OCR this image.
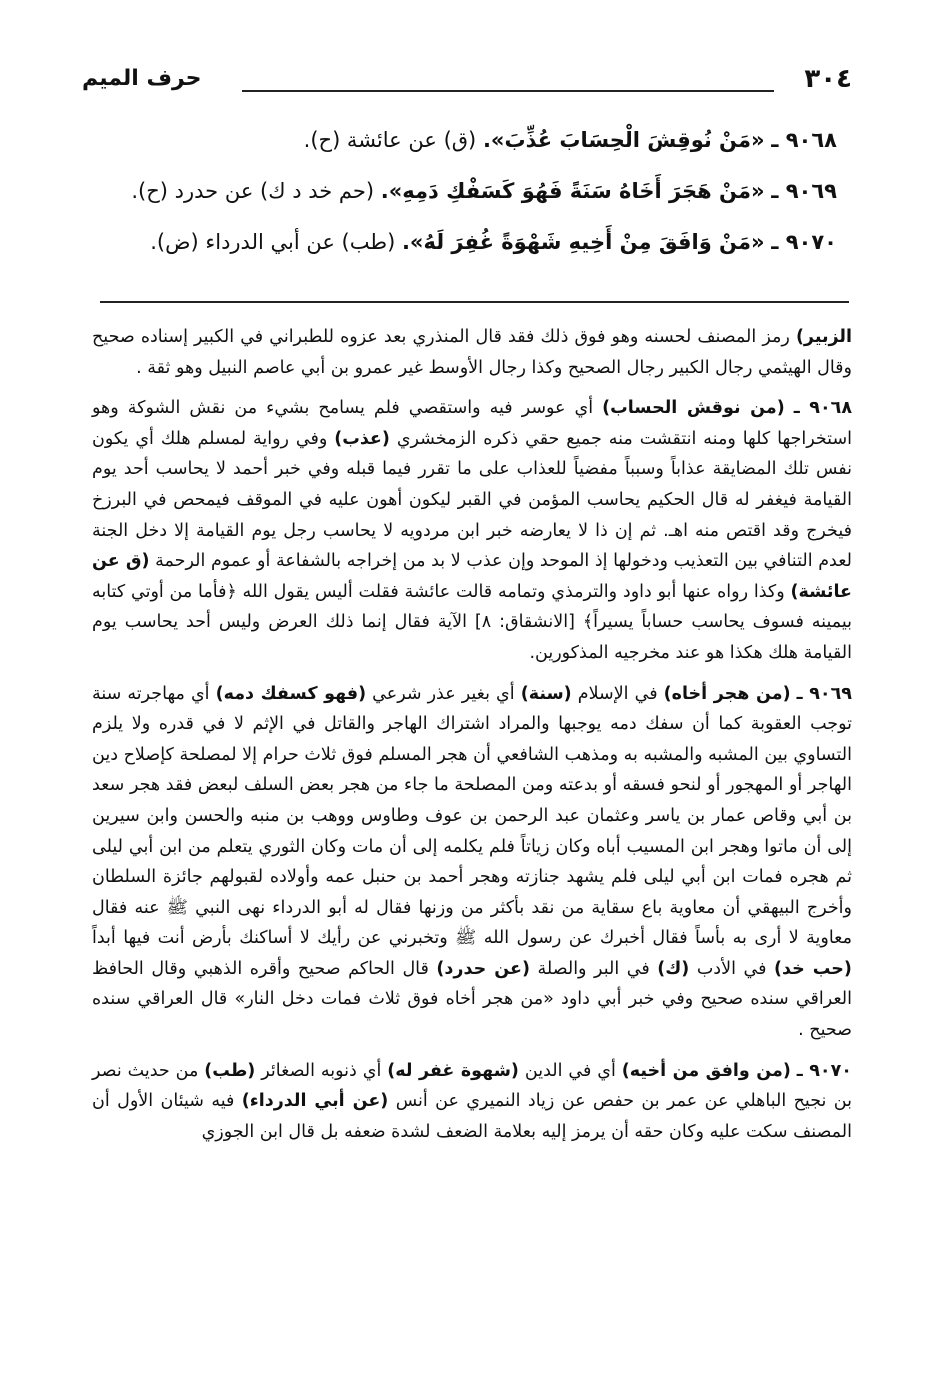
٣٠٤
حرف الميم
٩٠٦٨ ـ «مَنْ نُوقِشَ الْحِسَابَ عُذِّبَ». (ق) عن عائشة (ح).
٩٠٦٩ ـ «مَنْ هَجَرَ أَخَاهُ سَنَةً فَهُوَ كَسَفْكِ دَمِهِ». (حم خد د ك) عن حدرد (ح).
٩٠٧٠ ـ «مَنْ وَافَقَ مِنْ أَخِيهِ شَهْوَةً غُفِرَ لَهُ». (طب) عن أبي الدرداء (ض).

الزبير) رمز المصنف لحسنه وهو فوق ذلك فقد قال المنذري بعد عزوه للطبراني في الكبير إسناده صحيح وقال الهيثمي رجال الكبير رجال الصحيح وكذا رجال الأوسط غير عمرو بن أبي عاصم النبيل وهو ثقة .

٩٠٦٨ ـ (من نوقش الحساب) أي عوسر فيه واستقصي فلم يسامح بشيء من نقش الشوكة وهو استخراجها كلها ومنه انتقشت منه جميع حقي ذكره الزمخشري (عذب) وفي رواية لمسلم هلك أي يكون نفس تلك المضايقة عذاباً وسبباً مفضياً للعذاب على ما تقرر فيما قبله وفي خبر أحمد لا يحاسب أحد يوم القيامة فيغفر له قال الحكيم يحاسب المؤمن في القبر ليكون أهون عليه في الموقف فيمحص في البرزخ فيخرج وقد اقتص منه اهـ. ثم إن ذا لا يعارضه خبر ابن مردويه لا يحاسب رجل يوم القيامة إلا دخل الجنة لعدم التنافي بين التعذيب ودخولها إذ الموحد وإن عذب لا بد من إخراجه بالشفاعة أو عموم الرحمة (ق عن عائشة) وكذا رواه عنها أبو داود والترمذي وتمامه قالت عائشة فقلت أليس يقول الله ﴿فأما من أوتي كتابه بيمينه فسوف يحاسب حساباً يسيراً﴾ [الانشقاق: ٨] الآية فقال إنما ذلك العرض وليس أحد يحاسب يوم القيامة هلك هكذا هو عند مخرجيه المذكورين.

٩٠٦٩ ـ (من هجر أخاه) في الإسلام (سنة) أي بغير عذر شرعي (فهو كسفك دمه) أي مهاجرته سنة توجب العقوبة كما أن سفك دمه يوجبها والمراد اشتراك الهاجر والقاتل في الإثم لا في قدره ولا يلزم التساوي بين المشبه والمشبه به ومذهب الشافعي أن هجر المسلم فوق ثلاث حرام إلا لمصلحة كإصلاح دين الهاجر أو المهجور أو لنحو فسقه أو بدعته ومن المصلحة ما جاء من هجر بعض السلف لبعض فقد هجر سعد بن أبي وقاص عمار بن ياسر وعثمان عبد الرحمن بن عوف وطاوس ووهب بن منبه والحسن وابن سيرين إلى أن ماتوا وهجر ابن المسيب أباه وكان زياتاً فلم يكلمه إلى أن مات وكان الثوري يتعلم من ابن أبي ليلى ثم هجره فمات ابن أبي ليلى فلم يشهد جنازته وهجر أحمد بن حنبل عمه وأولاده لقبولهم جائزة السلطان وأخرج البيهقي أن معاوية باع سقاية من نقد بأكثر من وزنها فقال له أبو الدرداء نهى النبي ﷺ عنه فقال معاوية لا أرى به بأساً فقال أخبرك عن رسول الله ﷺ وتخبرني عن رأيك لا أساكنك بأرض أنت فيها أبداً (حب خد) في الأدب (ك) في البر والصلة (عن حدرد) قال الحاكم صحيح وأقره الذهبي وقال الحافظ العراقي سنده صحيح وفي خبر أبي داود «من هجر أخاه فوق ثلاث فمات دخل النار» قال العراقي سنده صحيح .

٩٠٧٠ ـ (من وافق من أخيه) أي في الدين (شهوة غفر له) أي ذنوبه الصغائر (طب) من حديث نصر بن نجيح الباهلي عن عمر بن حفص عن زياد النميري عن أنس (عن أبي الدرداء) فيه شيئان الأول أن المصنف سكت عليه وكان حقه أن يرمز إليه بعلامة الضعف لشدة ضعفه بل قال ابن الجوزي
